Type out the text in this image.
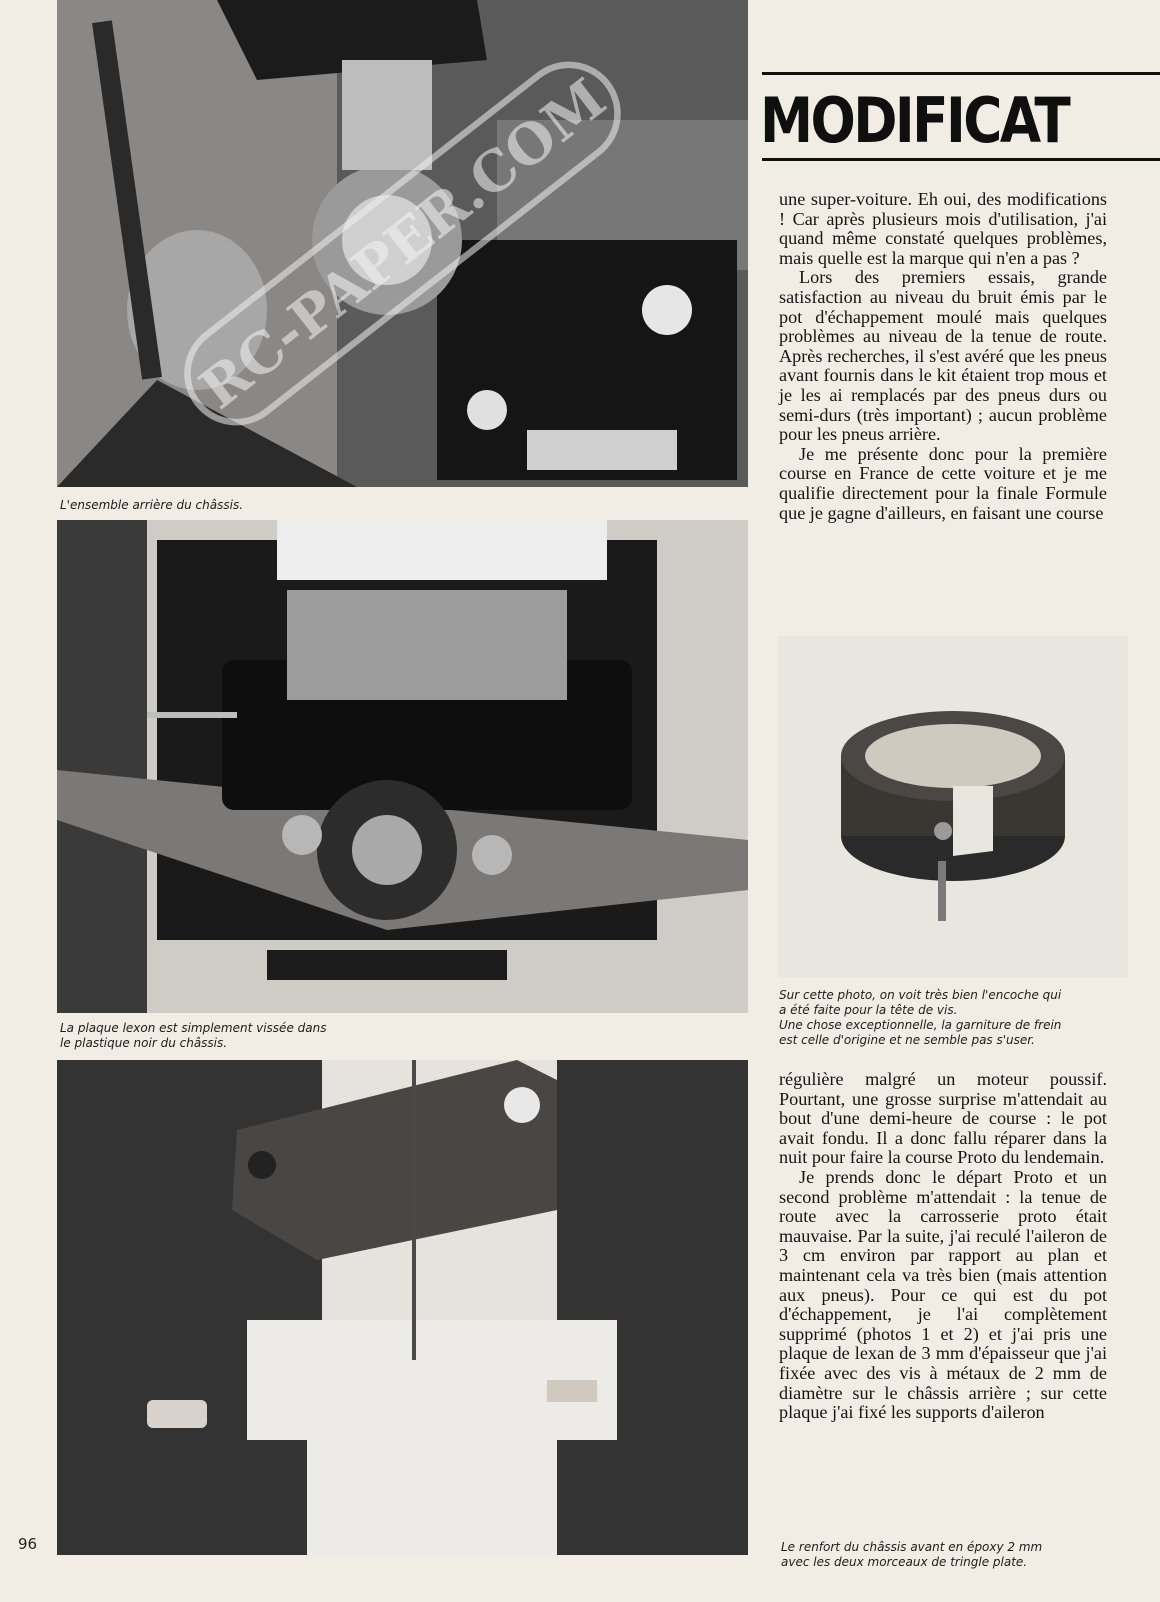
RC-PAPER.COM

L'ensemble arrière du châssis.

La plaque lexon est simplement vissée dans

le plastique noir du châssis.

MODIFICAT

une super-voiture. Eh oui, des modifications ! Car après plusieurs mois d'utilisation, j'ai quand même constaté quelques problèmes, mais quelle est la marque qui n'en a pas ?

Lors des premiers essais, grande satisfaction au niveau du bruit émis par le pot d'échappement moulé mais quelques problèmes au niveau de la tenue de route. Après recherches, il s'est avéré que les pneus avant fournis dans le kit étaient trop mous et je les ai remplacés par des pneus durs ou semi-durs (très important) ; aucun problème pour les pneus arrière.

Je me présente donc pour la première course en France de cette voiture et je me qualifie directement pour la finale Formule que je gagne d'ailleurs, en faisant une course

Sur cette photo, on voit très bien l'encoche qui

a été faite pour la tête de vis.

Une chose exceptionnelle, la garniture de frein

est celle d'origine et ne semble pas s'user.

régulière malgré un moteur poussif. Pourtant, une grosse surprise m'attendait au bout d'une demi-heure de course : le pot avait fondu. Il a donc fallu réparer dans la nuit pour faire la course Proto du lendemain.

Je prends donc le départ Proto et un second problème m'attendait : la tenue de route avec la carrosserie proto était mauvaise. Par la suite, j'ai reculé l'aileron de 3 cm environ par rapport au plan et maintenant cela va très bien (mais attention aux pneus). Pour ce qui est du pot d'échappement, je l'ai complètement supprimé (photos 1 et 2) et j'ai pris une plaque de lexan de 3 mm d'épaisseur que j'ai fixée avec des vis à métaux de 2 mm de diamètre sur le châssis arrière ; sur cette plaque j'ai fixé les supports d'aileron

Le renfort du châssis avant en époxy 2 mm

avec les deux morceaux de tringle plate.

96
